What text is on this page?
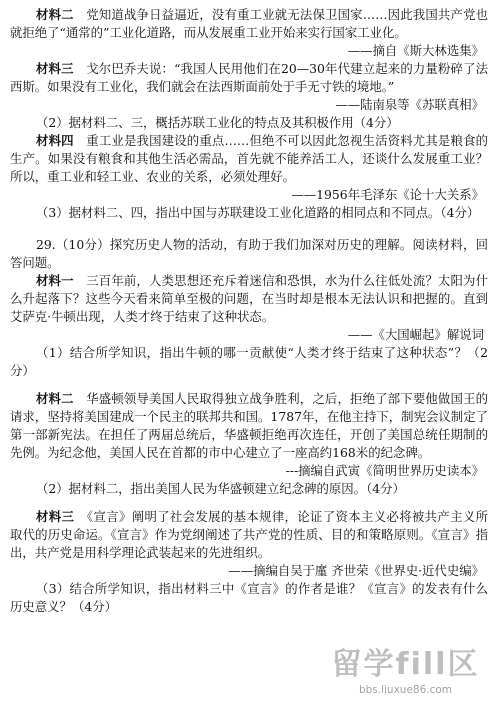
材料二　 党知道战争日益逼近，没有重工业就无法保卫国家……因此我国共产党也就拒绝了“通常的”工业化道路，而从发展重工业开始来实行国家工业化。

——摘自《斯大林选集》

材料三　 戈尔巴乔夫说：“我国人民用他们在20—30年代建立起来的力量粉碎了法西斯。如果没有工业化，我们就会在法西斯面前处于手无寸铁的境地。”

——陆南泉等《苏联真相》

（2）据材料二、三，概括苏联工业化的特点及其积极作用（4分）

材料四　 重工业是我国建设的重点……但绝不可以因此忽视生活资料尤其是粮食的生产。如果没有粮食和其他生活必需品，首先就不能养活工人，还谈什么发展重工业？所以，重工业和轻工业、农业的关系，必须处理好。

——1956年毛泽东《论十大关系》

（3）据材料二、四，指出中国与苏联建设工业化道路的相同点和不同点。（4分）

29.（10分）探究历史人物的活动，有助于我们加深对历史的理解。阅读材料，回答问题。

材料一　 三百年前，人类思想还充斥着迷信和恐惧，水为什么往低处流？太阳为什么升起落下？这些今天看来简单至极的问题，在当时却是根本无法认识和把握的。直到艾萨克·牛顿出现，人类才终于结束了这种状态。

——《大国崛起》解说词

（1）结合所学知识，指出牛顿的哪一贡献使“人类才终于结束了这种状态”？（2分）

材料二　 华盛顿领导美国人民取得独立战争胜利，之后，拒绝了部下要他做国王的请求，坚持将美国建成一个民主的联邦共和国。1787年，在他主持下，制宪会议制定了第一部新宪法。在担任了两届总统后，华盛顿拒绝再次连任，开创了美国总统任期制的先例。为纪念他，美国人民在首都的市中心建立了一座高约168米的纪念碑。

---摘编自武寅《简明世界历史读本》

（2）据材料二，指出美国人民为华盛顿建立纪念碑的原因。（4分）

材料三　 《宣言》阐明了社会发展的基本规律，论证了资本主义必将被共产主义所取代的历史命运。《宣言》作为党纲阐述了共产党的性质、目的和策略原则。《宣言》指出，共产党是用科学理论武装起来的先进组织。

——摘编自吴于廑 齐世荣《世界史·近代史编》

（3）结合所学知识，指出材料三中《宣言》的作者是谁？《宣言》的发表有什么历史意义？（4分）

留学fill区
bbs.liuxue86.com
